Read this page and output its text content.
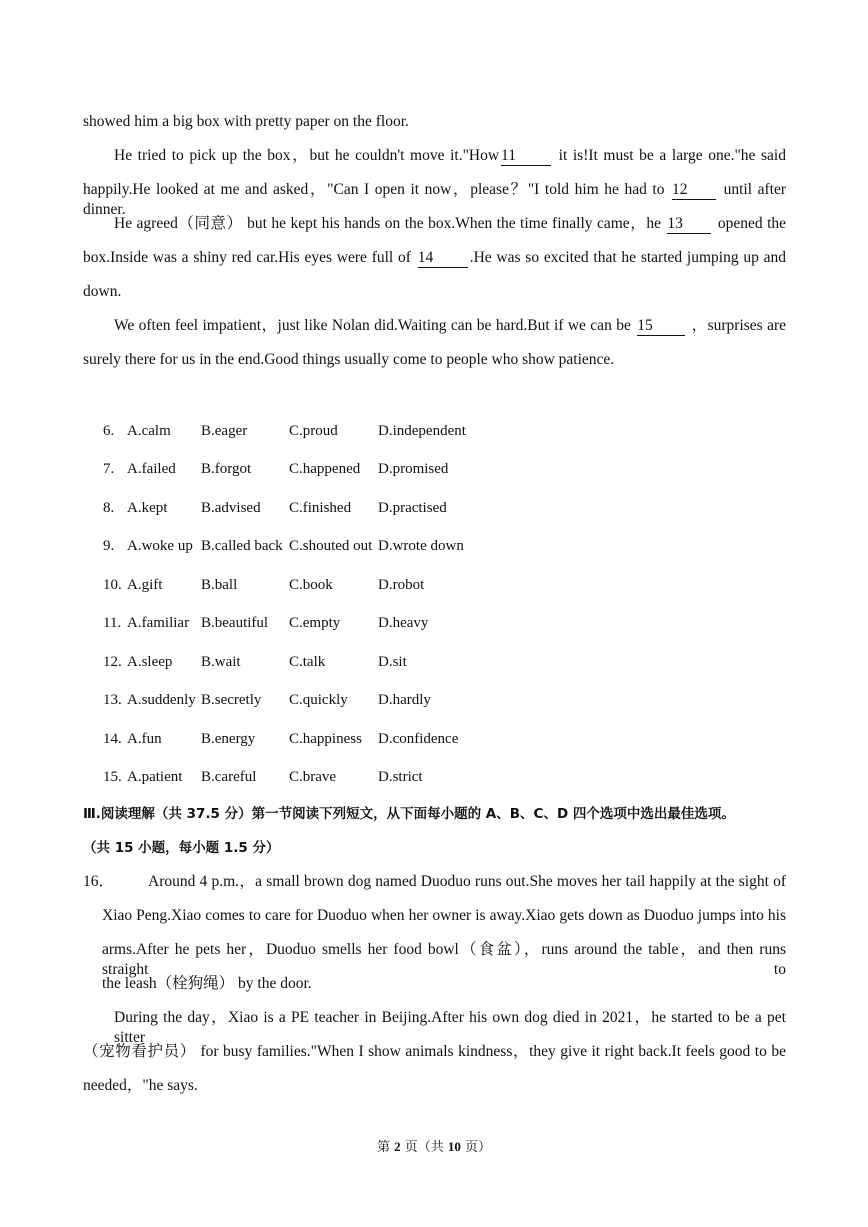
showed him a big box with pretty paper on the floor.
He tried to pick up the box，but he couldn't move it."How 11	it is!It must be a large one."he said
happily.He looked at me and asked，"Can I open it now，please？"I told him he had to 12 until after dinner.
He agreed（同意） but he kept his hands on the box.When the time finally came，he 13 opened the
box.Inside was a shiny red car.His eyes were full of 14 .He was so excited that he started jumping up and
down.
We often feel impatient，just like Nolan did.Waiting can be hard.But if we can be 15	，surprises are
surely there for us in the end.Good things usually come to people who show patience.
6. A.calm B.eager	C.proud	D.independent
7. A.failed B.forgot	C.happened D.promised
8. A.kept B.advised C.finished D.practised
9. A.woke up B.called back C.shouted out D.wrote down
10. A.gift	B.ball	C.book	D.robot
11. A.familiar B.beautiful C.empty	D.heavy
12. A.sleep B.wait	C.talk	D.sit
13. A.suddenly B.secretly C.quickly D.hardly
14. A.fun	B.energy C.happiness D.confidence
15. A.patient B.careful C.brave	D.strict
Ⅲ.阅读理解（共 37.5 分）第一节阅读下列短文，从下面每小题的 A、B、C、D 四个选项中选出最佳选项。
（共 15 小题，每小题 1.5 分）
16． Around 4 p.m.，a small brown dog named Duoduo runs out.She moves her tail happily at the sight of
Xiao Peng.Xiao comes to care for Duoduo when her owner is away.Xiao gets down as Duoduo jumps into his
arms.After he pets her，Duoduo smells her food bowl（食盆），runs around the table，and then runs straight to
the leash（栓狗绳） by the door.
During the day，Xiao is a PE teacher in Beijing.After his own dog died in 2021，he started to be a pet sitter
（宠物看护员） for busy families."When I show animals kindness，they give it right back.It feels good to be
needed，"he says.
第 2 页（共 10 页）
